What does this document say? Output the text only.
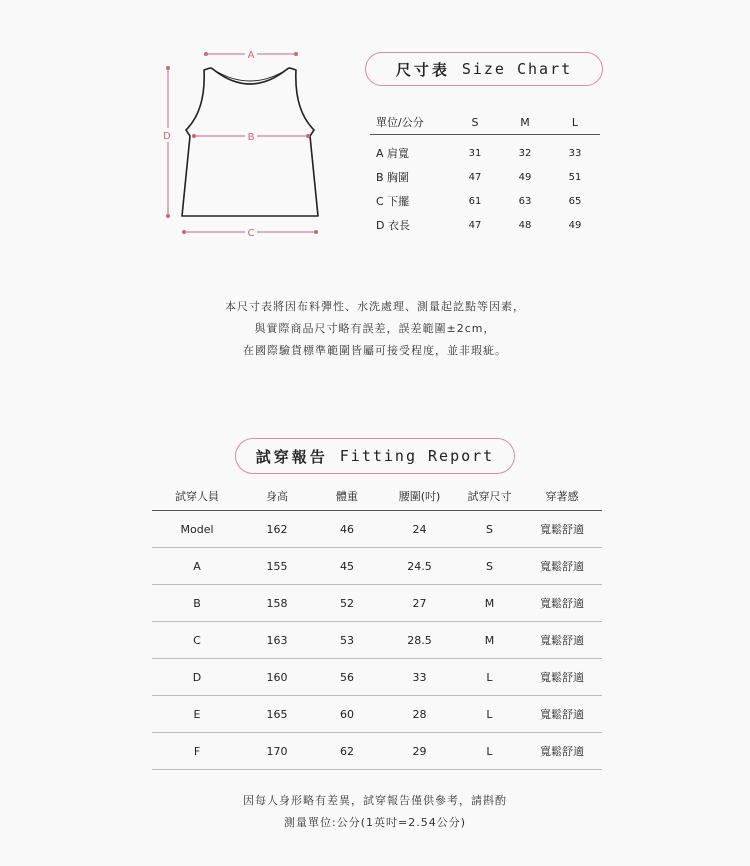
A
B
C
D
尺寸表 Size Chart
單位/公分	S	M	L
A 肩寬	31	32	33
B 胸圍	47	49	51
C 下擺	61	63	65
D 衣長	47	48	49
本尺寸表將因布料彈性、水洗處理、測量起訖點等因素，
與實際商品尺寸略有誤差，誤差範圍±2cm，
在國際驗貨標準範圍皆屬可接受程度，並非瑕疵。
試穿報告 Fitting Report
試穿人員	身高	體重	腰圍(吋)	試穿尺寸	穿著感
Model	162	46	24	S	寬鬆舒適
A	155	45	24.5	S	寬鬆舒適
B	158	52	27	M	寬鬆舒適
C	163	53	28.5	M	寬鬆舒適
D	160	56	33	L	寬鬆舒適
E	165	60	28	L	寬鬆舒適
F	170	62	29	L	寬鬆舒適
因每人身形略有差異，試穿報告僅供參考，請斟酌
測量單位:公分(1英吋=2.54公分)
